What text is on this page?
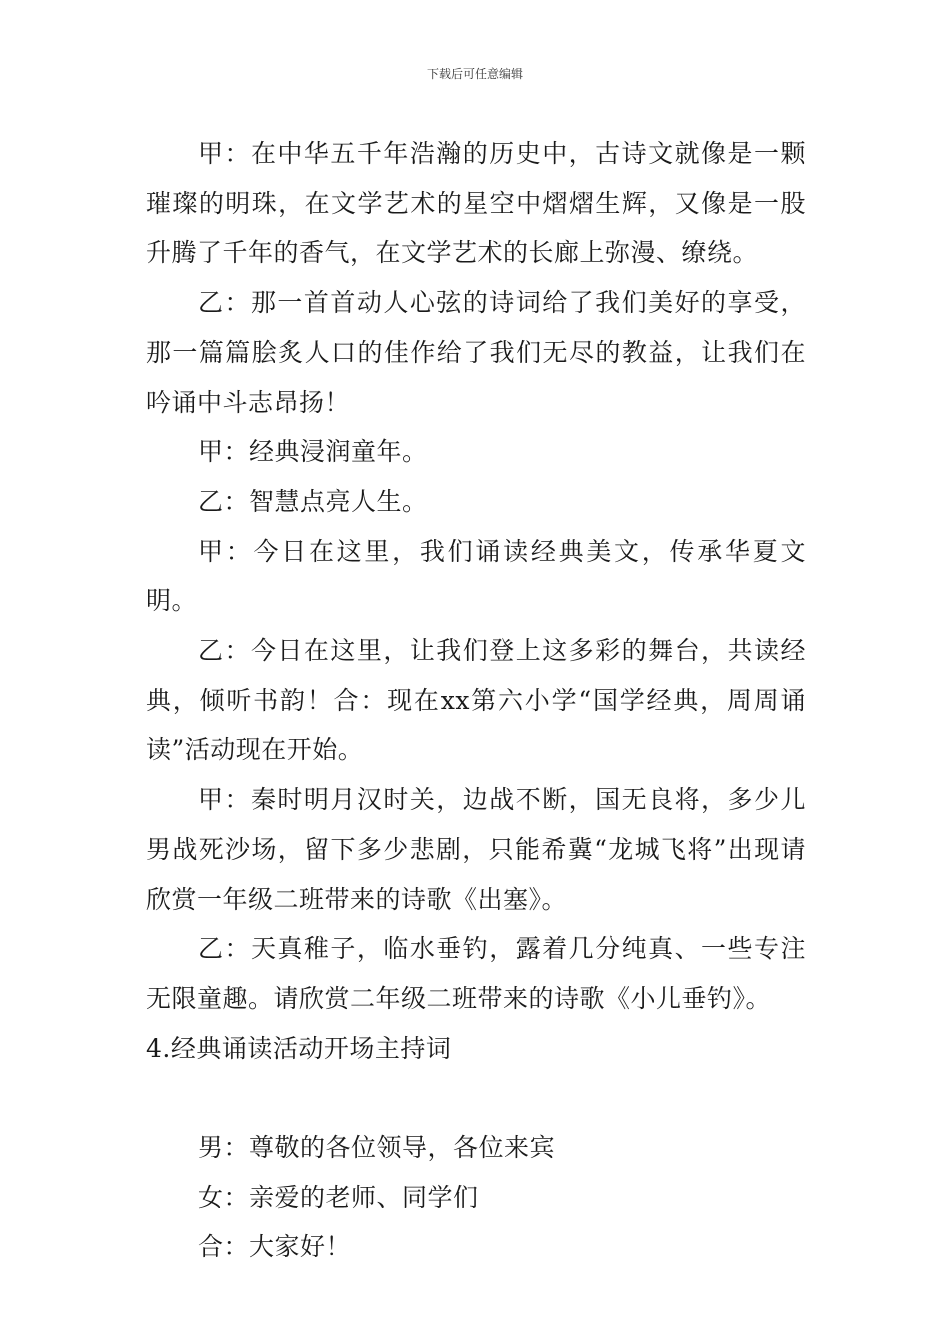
下载后可任意编辑

甲：在中华五千年浩瀚的历史中，古诗文就像是一颗璀璨的明珠，在文学艺术的星空中熠熠生辉，又像是一股升腾了千年的香气，在文学艺术的长廊上弥漫、缭绕。

乙：那一首首动人心弦的诗词给了我们美好的享受，那一篇篇脍炙人口的佳作给了我们无尽的教益，让我们在吟诵中斗志昂扬！

甲：经典浸润童年。

乙：智慧点亮人生。

甲：今日在这里，我们诵读经典美文，传承华夏文明。

乙：今日在这里，让我们登上这多彩的舞台，共读经典，倾听书韵！合：现在xx第六小学“国学经典，周周诵读”活动现在开始。

甲：秦时明月汉时关，边战不断，国无良将，多少儿男战死沙场，留下多少悲剧，只能希冀“龙城飞将”出现请欣赏一年级二班带来的诗歌《出塞》。

乙：天真稚子，临水垂钓，露着几分纯真、一些专注无限童趣。请欣赏二年级二班带来的诗歌《小儿垂钓》。

4.经典诵读活动开场主持词

男：尊敬的各位领导，各位来宾

女：亲爱的老师、同学们

合：大家好！
